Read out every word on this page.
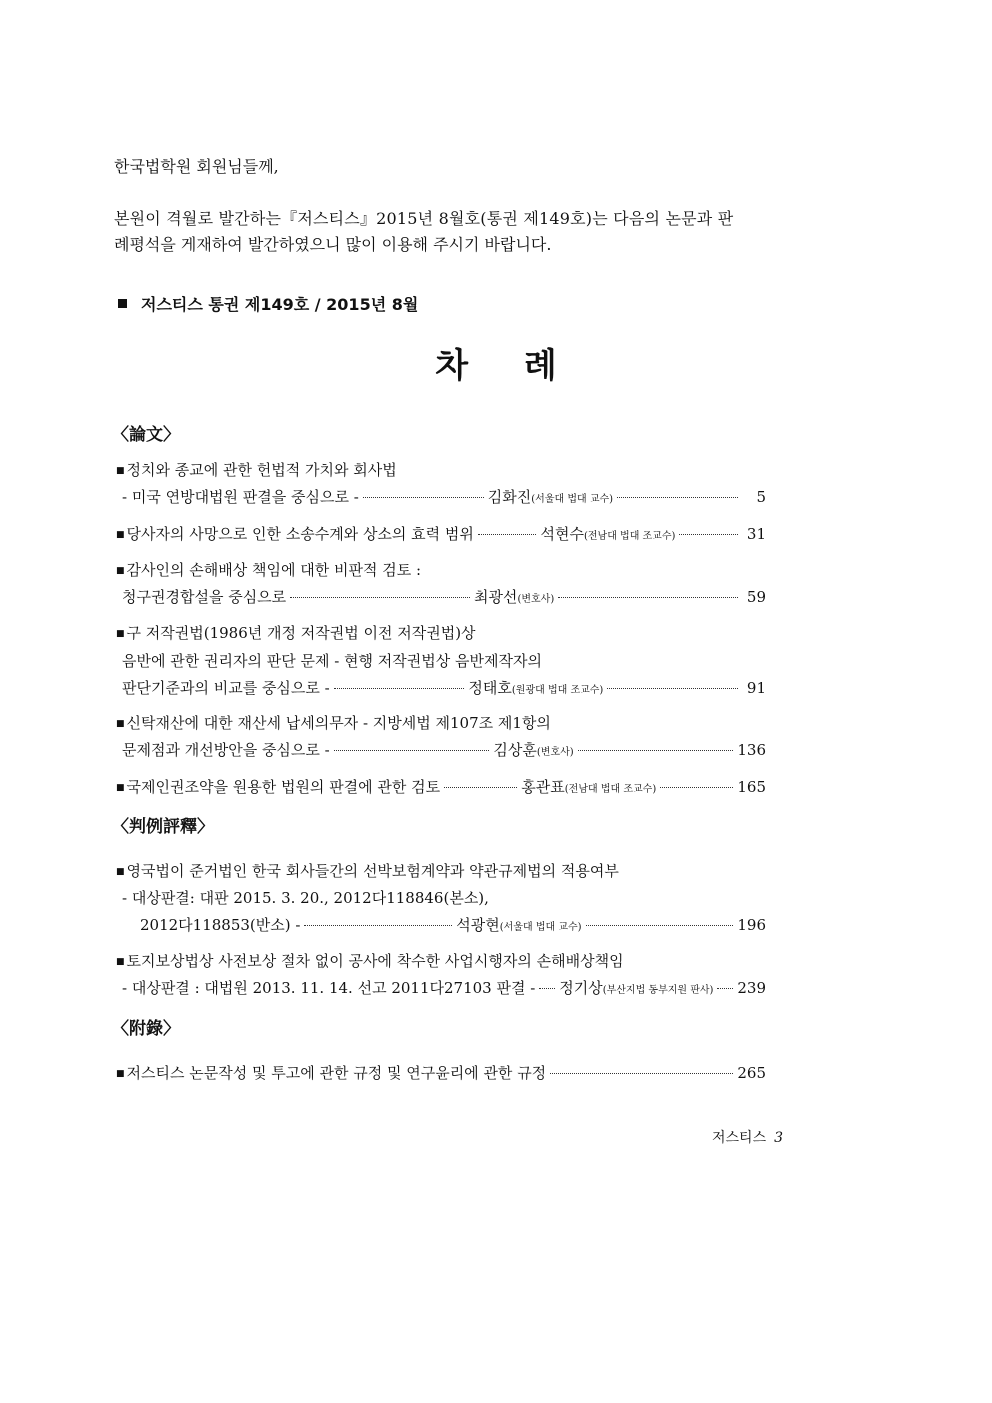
한국법학원 회원님들께,
본원이 격월로 발간하는『저스티스』2015년 8월호(통권 제149호)는 다음의 논문과 판
례평석을 게재하여 발간하였으니 많이 이용해 주시기 바랍니다.
저스티스 통권 제149호 / 2015년 8월
차 례
〈論文〉
■ 정치와 종교에 관한 헌법적 가치와 회사법
- 미국 연방대법원 판결을 중심으로 -	김화진(서울대 법대 교수)	5
■ 당사자의 사망으로 인한 소송수계와 상소의 효력 범위	석현수(전남대 법대 조교수)	31
■ 감사인의 손해배상 책임에 대한 비판적 검토 :
청구권경합설을 중심으로	최광선(변호사)	59
■ 구 저작권법(1986년 개정 저작권법 이전 저작권법)상
음반에 관한 권리자의 판단 문제 - 현행 저작권법상 음반제작자의
판단기준과의 비교를 중심으로 -	정태호(원광대 법대 조교수)	91
■ 신탁재산에 대한 재산세 납세의무자 - 지방세법 제107조 제1항의
문제점과 개선방안을 중심으로 -	김상훈(변호사)	136
■ 국제인권조약을 원용한 법원의 판결에 관한 검토	홍관표(전남대 법대 조교수)	165
〈判例評釋〉
■ 영국법이 준거법인 한국 회사들간의 선박보험계약과 약관규제법의 적용여부
- 대상판결: 대판 2015. 3. 20., 2012다118846(본소),
2012다118853(반소) -	석광현(서울대 법대 교수)	196
■ 토지보상법상 사전보상 절차 없이 공사에 착수한 사업시행자의 손해배상책임
- 대상판결 : 대법원 2013. 11. 14. 선고 2011다27103 판결 - 정기상(부산지법 동부지원 판사) 239
〈附錄〉
■ 저스티스 논문작성 및 투고에 관한 규정 및 연구윤리에 관한 규정	265
저스티스 3
